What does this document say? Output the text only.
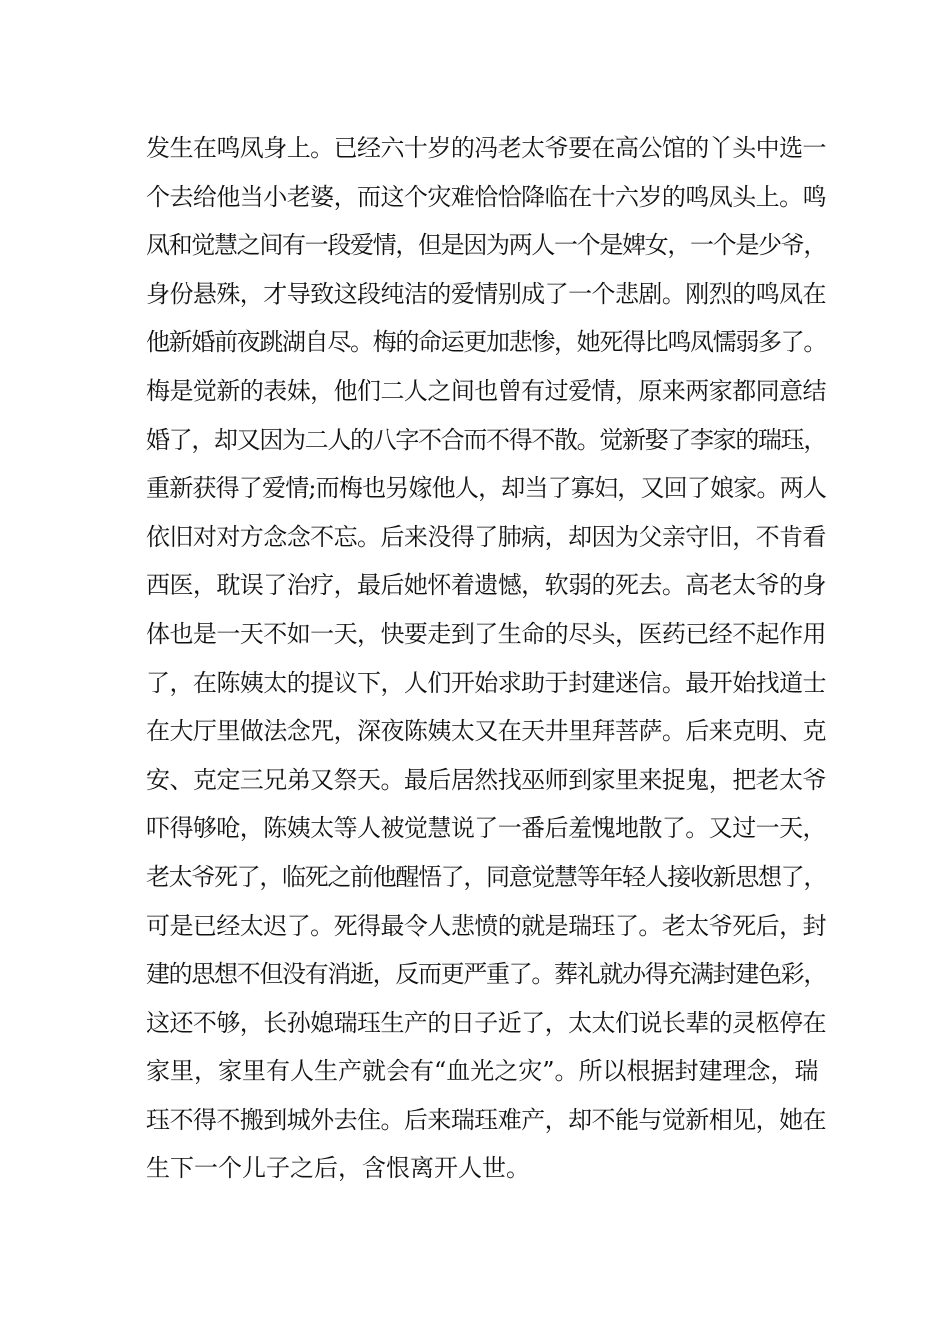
发生在鸣凤身上。已经六十岁的冯老太爷要在高公馆的丫头中选一
个去给他当小老婆，而这个灾难恰恰降临在十六岁的鸣凤头上。鸣
凤和觉慧之间有一段爱情，但是因为两人一个是婢女，一个是少爷，
身份悬殊，才导致这段纯洁的爱情别成了一个悲剧。刚烈的鸣凤在
他新婚前夜跳湖自尽。梅的命运更加悲惨，她死得比鸣凤懦弱多了。
梅是觉新的表妹，他们二人之间也曾有过爱情，原来两家都同意结
婚了，却又因为二人的八字不合而不得不散。觉新娶了李家的瑞珏，
重新获得了爱情;而梅也另嫁他人，却当了寡妇，又回了娘家。两人
依旧对对方念念不忘。后来没得了肺病，却因为父亲守旧，不肯看
西医，耽误了治疗，最后她怀着遗憾，软弱的死去。高老太爷的身
体也是一天不如一天，快要走到了生命的尽头，医药已经不起作用
了，在陈姨太的提议下，人们开始求助于封建迷信。最开始找道士
在大厅里做法念咒，深夜陈姨太又在天井里拜菩萨。后来克明、克
安、克定三兄弟又祭天。最后居然找巫师到家里来捉鬼，把老太爷
吓得够呛，陈姨太等人被觉慧说了一番后羞愧地散了。又过一天，
老太爷死了，临死之前他醒悟了，同意觉慧等年轻人接收新思想了，
可是已经太迟了。死得最令人悲愤的就是瑞珏了。老太爷死后，封
建的思想不但没有消逝，反而更严重了。葬礼就办得充满封建色彩，
这还不够，长孙媳瑞珏生产的日子近了，太太们说长辈的灵柩停在
家里，家里有人生产就会有“血光之灾”。所以根据封建理念，瑞
珏不得不搬到城外去住。后来瑞珏难产，却不能与觉新相见，她在
生下一个儿子之后，含恨离开人世。
